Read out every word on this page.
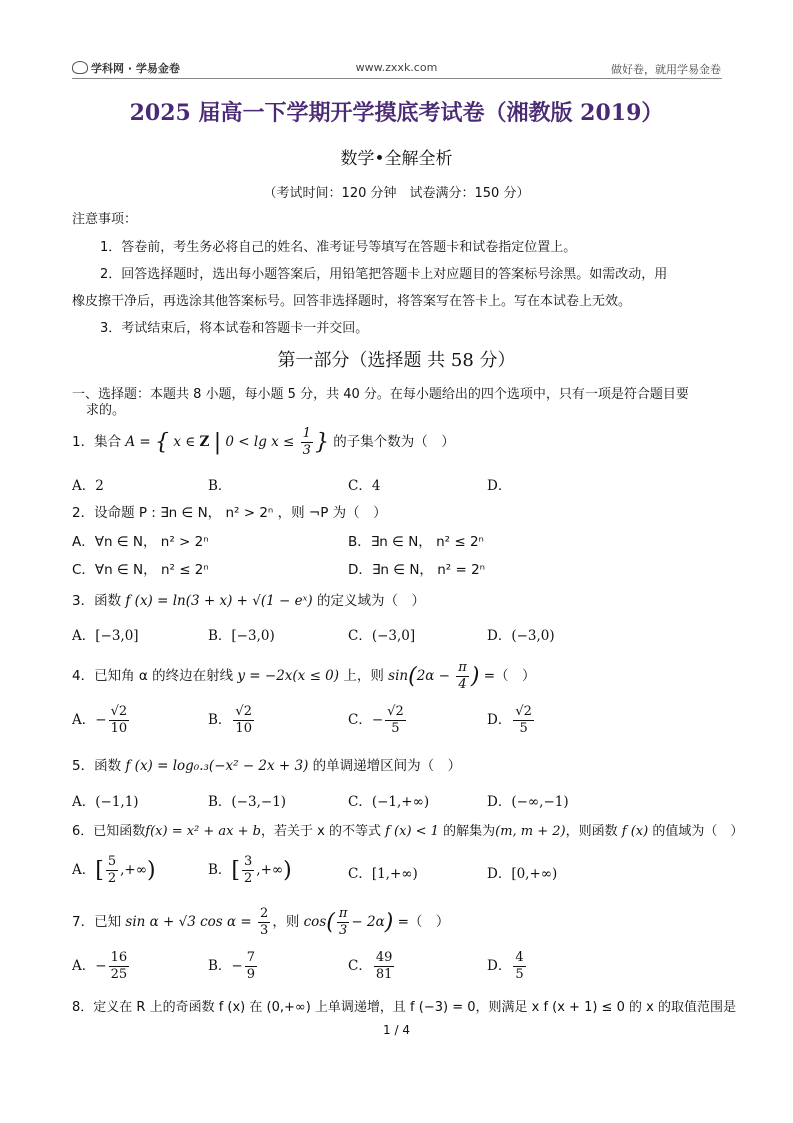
学科网 · 学易金卷	www.zxxk.com	做好卷，就用学易金卷
2025 届高一下学期开学摸底考试卷（湘教版 2019）
数学•全解全析
（考试时间：120 分钟　试卷满分：150 分）
注意事项：
1．答卷前，考生务必将自己的姓名、准考证号等填写在答题卡和试卷指定位置上。
2．回答选择题时，选出每小题答案后，用铅笔把答题卡上对应题目的答案标号涂黑。如需改动，用
橡皮擦干净后，再选涂其他答案标号。回答非选择题时，将答案写在答卡上。写在本试卷上无效。
3．考试结束后，将本试卷和答题卡一并交回。
第一部分（选择题 共 58 分）
一、选择题：本题共 8 小题，每小题 5 分，共 40 分。在每小题给出的四个选项中，只有一项是符合题目要
求的。
1．集合 A = { x ∈ Z | $0 < \lg x \le \frac{1}{3}$ } 的子集个数为（　）
A．2	B．	C．4	D．
2．设命题 P : ∃n ∈ N， n² > 2ⁿ ，则 ¬P 为（　）
A．∀n ∈ N， n² > 2ⁿ	B．∃n ∈ N， n² ≤ 2ⁿ
C．∀n ∈ N， n² ≤ 2ⁿ	D．∃n ∈ N， n² = 2ⁿ
3．函数 f (x) = ln(3 + x) + √(1 − eˣ) 的定义域为（　）
A．[−3,0]	B．[−3,0)	C．(−3,0]	D．(−3,0)
4．已知角 α 的终边在射线 y = −2x(x ≤ 0) 上，则 $\sin(2\alpha - \frac{\pi}{4}$ ) =（　）
A．− $\frac{√2}{10}$	B． $\frac{√2}{10}$	C．− $\frac{√2}{5}$	D． $\frac{√2}{5}$
5．函数 f (x) = log₀.₃(−x² − 2x + 3) 的单调递增区间为（　）
A．(−1,1)	B．(−3,−1)	C．(−1,+∞)	D．(−∞,−1)
6．已知函数f(x) = x² + ax + b，若关于 x 的不等式 f (x) < 1 的解集为(m, m + 2)，则函数 f (x) 的值域为（　）
A．[ $\frac{5}{2}$ ,+∞)	B．[ $\frac{3}{2}$ ,+∞)	C．[1,+∞)	D．[0,+∞)
7．已知 sin α + √3 $\cos \alpha = \frac{2}{3}$ ，则 $\cos( \frac{\pi}{3} - 2\alpha)$ =（　）
A．− $\frac{16}{25}$	B．− $\frac{7}{9}$	C． $\frac{49}{81}$	D． $\frac{4}{5}$
8．定义在 R 上的奇函数 f (x) 在 (0,+∞) 上单调递增，且 f (−3) = 0，则满足 x f (x + 1) ≤ 0 的 x 的取值范围是
1 / 4
